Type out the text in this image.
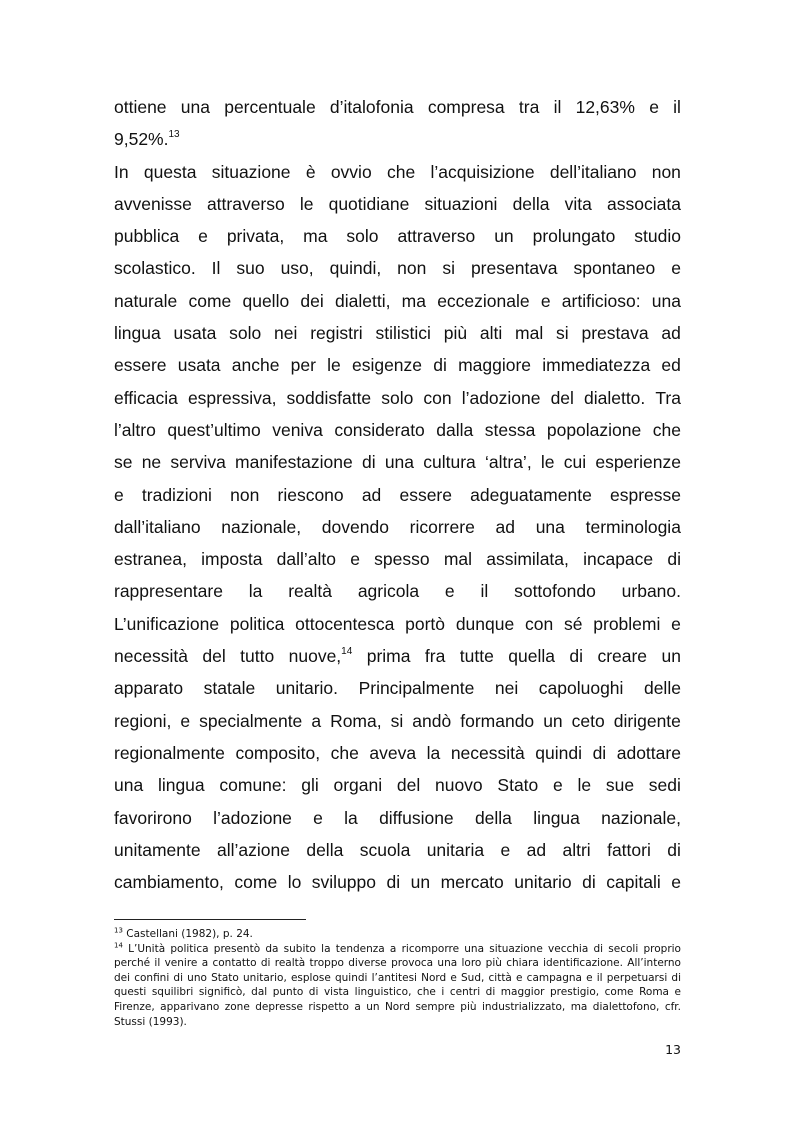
ottiene una percentuale d’italofonia compresa tra il 12,63% e il
9,52%.$^{13}$
In questa situazione è ovvio che l’acquisizione dell’italiano non
avvenisse attraverso le quotidiane situazioni della vita associata
pubblica e privata, ma solo attraverso un prolungato studio
scolastico. Il suo uso, quindi, non si presentava spontaneo e
naturale come quello dei dialetti, ma eccezionale e artificioso: una
lingua usata solo nei registri stilistici più alti mal si prestava ad
essere usata anche per le esigenze di maggiore immediatezza ed
efficacia espressiva, soddisfatte solo con l’adozione del dialetto. Tra
l’altro quest’ultimo veniva considerato dalla stessa popolazione che
se ne serviva manifestazione di una cultura ‘altra’, le cui esperienze
e tradizioni non riescono ad essere adeguatamente espresse
dall’italiano nazionale, dovendo ricorrere ad una terminologia
estranea, imposta dall’alto e spesso mal assimilata, incapace di
rappresentare la realtà agricola e il sottofondo urbano.
L’unificazione politica ottocentesca portò dunque con sé problemi e
necessità del tutto nuove,$^{14}$ prima fra tutte quella di creare un
apparato statale unitario. Principalmente nei capoluoghi delle
regioni, e specialmente a Roma, si andò formando un ceto dirigente
regionalmente composito, che aveva la necessità quindi di adottare
una lingua comune: gli organi del nuovo Stato e le sue sedi
favorirono l’adozione e la diffusione della lingua nazionale,
unitamente all’azione della scuola unitaria e ad altri fattori di
cambiamento, come lo sviluppo di un mercato unitario di capitali e

$^{13}$ Castellani (1982), p. 24.

$^{14}$ L’Unità politica presentò da subito la tendenza a ricomporre una situazione vecchia di secoli proprio perché il venire a contatto di realtà troppo diverse provoca una loro più chiara identificazione. All’interno dei confini di uno Stato unitario, esplose quindi l’antitesi Nord e Sud, città e campagna e il perpetuarsi di questi squilibri significò, dal punto di vista linguistico, che i centri di maggior prestigio, come Roma e Firenze, apparivano zone depresse rispetto a un Nord sempre più industrializzato, ma dialettofono, cfr. Stussi (1993).

13
